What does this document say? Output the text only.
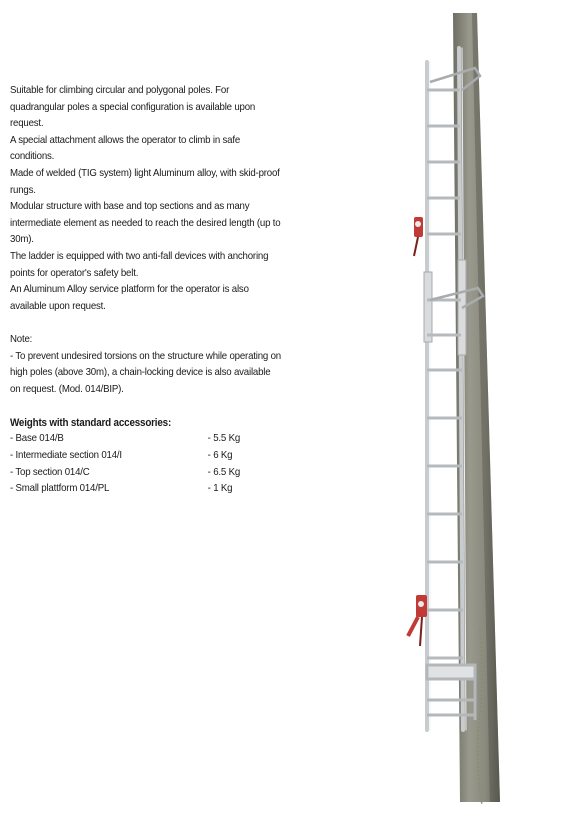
Suitable for climbing circular and polygonal poles. For quadrangular poles a special configuration is available upon request.

A special attachment allows the operator to climb in safe conditions.

Made of welded (TIG system) light Aluminum alloy, with skid-proof rungs.

Modular structure with base and top sections and as many intermediate element as needed to reach the desired length (up to 30m).

The ladder is equipped with two anti-fall devices with anchoring points for operator's safety belt.

An Aluminum Alloy service platform for the operator is also available upon request.

Note:

- To prevent undesired torsions on the structure while operating on high poles (above 30m), a chain-locking device is also available on request. (Mod. 014/BIP).

Weights with standard accessories:

- Base 014/B	- 5.5 Kg
- Intermediate section 014/I	- 6 Kg
- Top section 014/C	- 6.5 Kg
- Small plattform 014/PL	- 1 Kg
